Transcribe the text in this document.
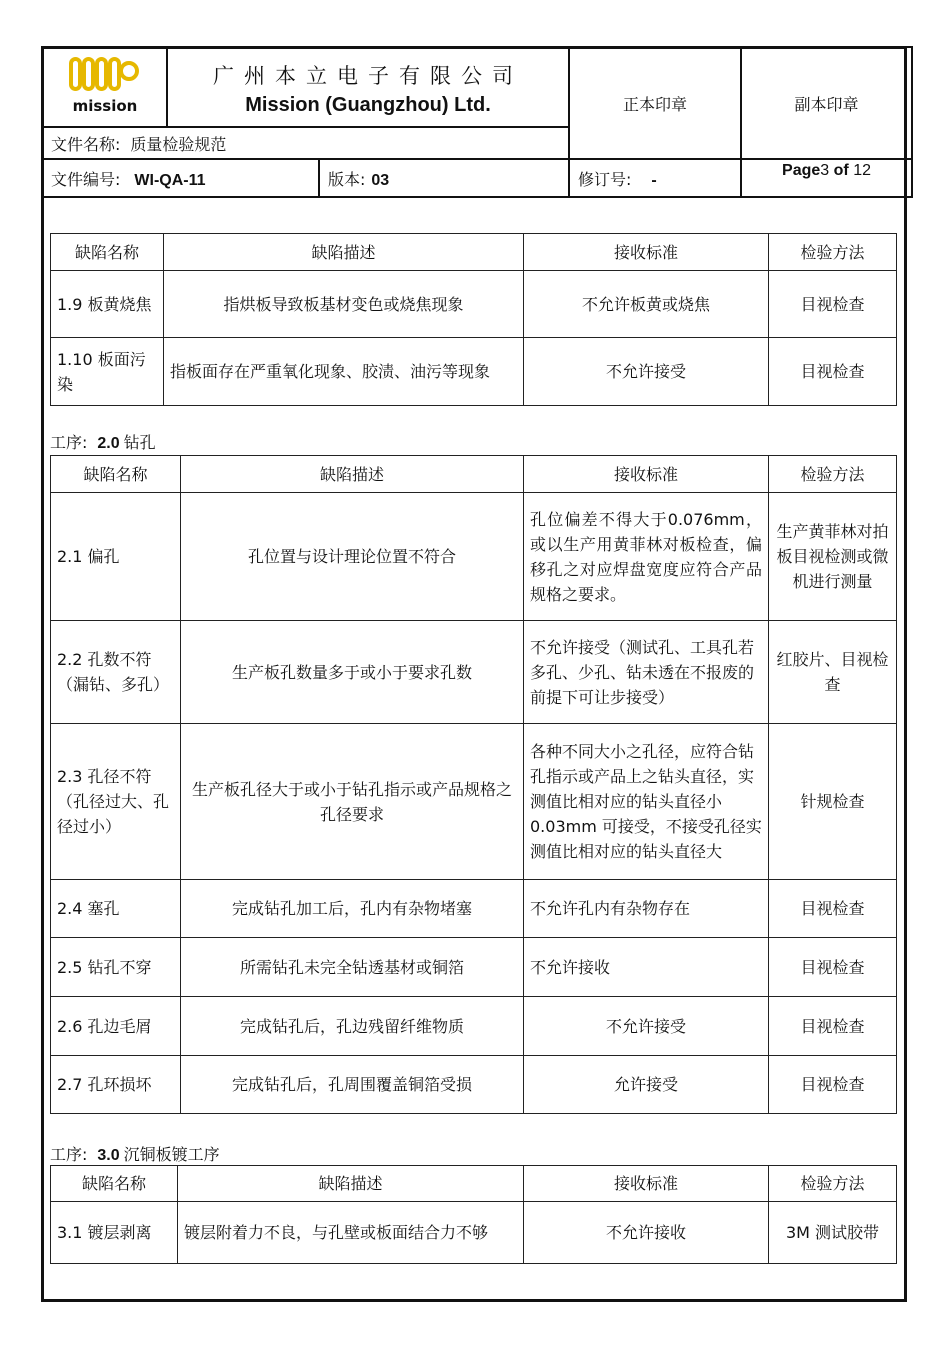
mission	广州本立电子有限公司
Mission (Guangzhou) Ltd.		正本印章	副本印章
文件名称: 质量检验规范				
文件编号: WI-QA-11		版本: 03	修订号: -	Page3 of 12
缺陷名称	缺陷描述	接收标准	检验方法
1.9 板黄烧焦	指烘板导致板基材变色或烧焦现象	不允许板黄或烧焦	目视检查
1.10 板面污染	指板面存在严重氧化现象、胶渍、油污等现象	不允许接受	目视检查
工序: 2.0 钻孔
缺陷名称	缺陷描述	接收标准	检验方法
2.1 偏孔	孔位置与设计理论位置不符合	孔位偏差不得大于0.076mm，或以生产用黄菲林对板检查，偏移孔之对应焊盘宽度应符合产品规格之要求。	生产黄菲林对拍板目视检测或微机进行测量
2.2 孔数不符（漏钻、多孔）	生产板孔数量多于或小于要求孔数	不允许接受（测试孔、工具孔若多孔、少孔、钻未透在不报废的前提下可让步接受）	红胶片、目视检查
2.3 孔径不符（孔径过大、孔径过小）	生产板孔径大于或小于钻孔指示或产品规格之孔径要求	各种不同大小之孔径，应符合钻孔指示或产品上之钻头直径，实测值比相对应的钻头直径小 0.03mm 可接受，不接受孔径实测值比相对应的钻头直径大	针规检查
2.4 塞孔	完成钻孔加工后，孔内有杂物堵塞	不允许孔内有杂物存在	目视检查
2.5 钻孔不穿	所需钻孔未完全钻透基材或铜箔	不允许接收	目视检查
2.6 孔边毛屑	完成钻孔后，孔边残留纤维物质	不允许接受	目视检查
2.7 孔环损坏	完成钻孔后，孔周围覆盖铜箔受损	允许接受	目视检查
工序: 3.0 沉铜板镀工序
缺陷名称	缺陷描述	接收标准	检验方法
3.1 镀层剥离	镀层附着力不良，与孔壁或板面结合力不够	不允许接收	3M 测试胶带
